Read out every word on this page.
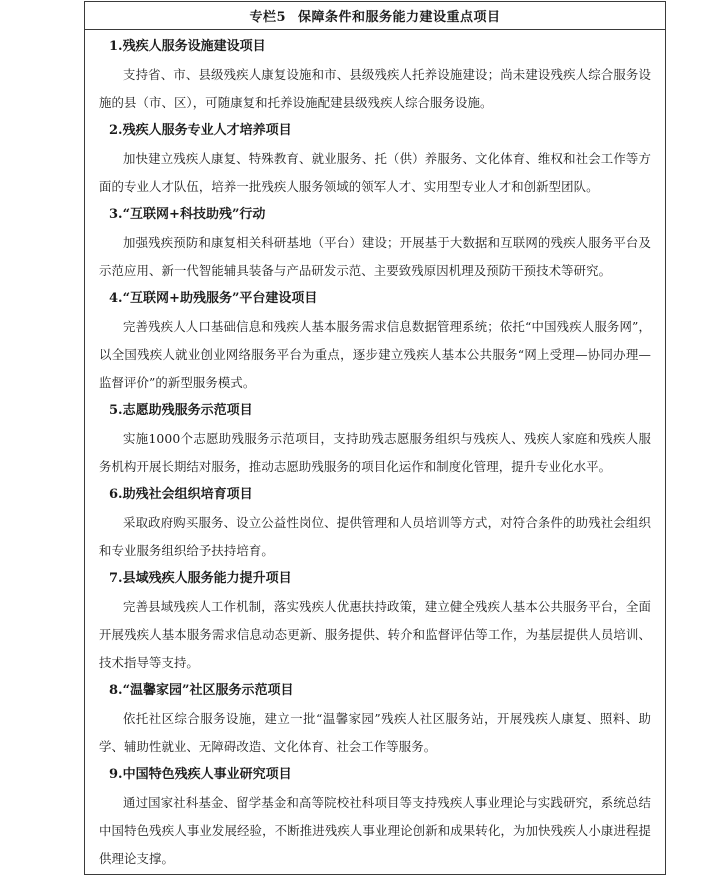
专栏5 保障条件和服务能力建设重点项目
1.残疾人服务设施建设项目

支持省、市、县级残疾人康复设施和市、县级残疾人托养设施建设；尚未建设残疾人综合服务设施的县（市、区），可随康复和托养设施配建县级残疾人综合服务设施。

2.残疾人服务专业人才培养项目

加快建立残疾人康复、特殊教育、就业服务、托（供）养服务、文化体育、维权和社会工作等方面的专业人才队伍，培养一批残疾人服务领域的领军人才、实用型专业人才和创新型团队。

3.“互联网+科技助残”行动

加强残疾预防和康复相关科研基地（平台）建设；开展基于大数据和互联网的残疾人服务平台及示范应用、新一代智能辅具装备与产品研发示范、主要致残原因机理及预防干预技术等研究。

4.“互联网+助残服务”平台建设项目

完善残疾人人口基础信息和残疾人基本服务需求信息数据管理系统；依托“中国残疾人服务网”，以全国残疾人就业创业网络服务平台为重点，逐步建立残疾人基本公共服务“网上受理—协同办理—监督评价”的新型服务模式。

5.志愿助残服务示范项目

实施1000个志愿助残服务示范项目，支持助残志愿服务组织与残疾人、残疾人家庭和残疾人服务机构开展长期结对服务，推动志愿助残服务的项目化运作和制度化管理，提升专业化水平。

6.助残社会组织培育项目

采取政府购买服务、设立公益性岗位、提供管理和人员培训等方式，对符合条件的助残社会组织和专业服务组织给予扶持培育。

7.县域残疾人服务能力提升项目

完善县域残疾人工作机制，落实残疾人优惠扶持政策，建立健全残疾人基本公共服务平台，全面开展残疾人基本服务需求信息动态更新、服务提供、转介和监督评估等工作，为基层提供人员培训、技术指导等支持。

8.“温馨家园”社区服务示范项目

依托社区综合服务设施，建立一批“温馨家园”残疾人社区服务站，开展残疾人康复、照料、助学、辅助性就业、无障碍改造、文化体育、社会工作等服务。

9.中国特色残疾人事业研究项目

通过国家社科基金、留学基金和高等院校社科项目等支持残疾人事业理论与实践研究，系统总结中国特色残疾人事业发展经验，不断推进残疾人事业理论创新和成果转化，为加快残疾人小康进程提供理论支撑。
